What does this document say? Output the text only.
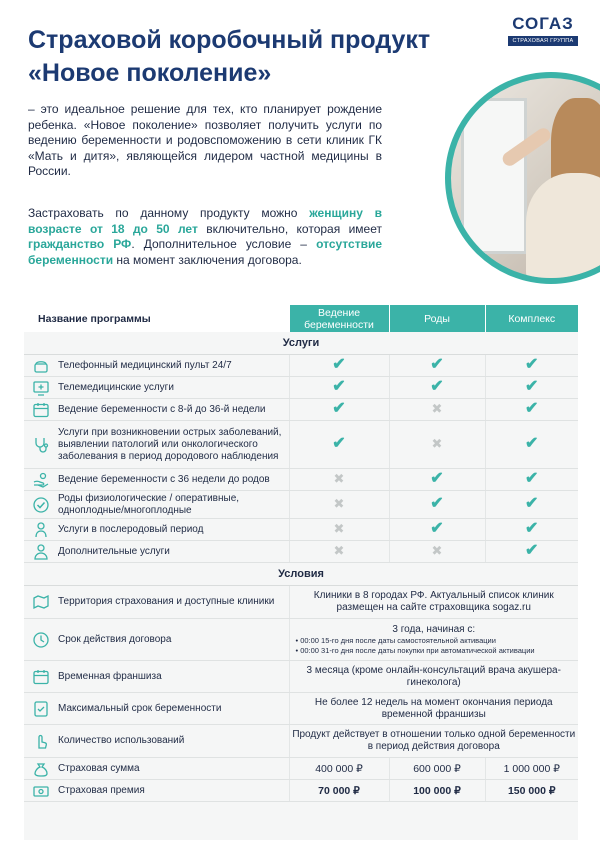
Страховой коробочный продукт
«Новое поколение»
СОГАЗ
СТРАХОВАЯ ГРУППА
– это идеальное решение для тех, кто планирует рождение ребенка. «Новое поколение» позволяет получить услуги по ведению беременности и родовспоможению в сети клиник ГК «Мать и дитя», являющейся лидером частной медицины в России.
Застраховать по данному продукту можно женщину в возрасте от 18 до 50 лет включительно, которая имеет гражданство РФ. Дополнительное условие – отсутствие беременности на момент заключения договора.
Название программы	Ведение беременности	Роды	Комплекс
Услуги			

Телефонный медицинский пульт 24/7	✔	✔	✔

Телемедицинские услуги	✔	✔	✔

Ведение беременности с 8-й до 36-й недели	✔	✖	✔

Услуги при возникновении острых заболеваний, выявлении патологий или онкологического заболевания в период дородового наблюдения	✔	✖	✔

Ведение беременности с 36 недели до родов	✖	✔	✔

Роды физиологические / оперативные, одноплодные/многоплодные	✖	✔	✔

Услуги в послеродовый период	✖	✔	✔

Дополнительные услуги	✖	✖	✔
Условия			

Территория страхования и доступные клиники	Клиники в 8 городах РФ. Актуальный список клиник размещен на сайте страховщика sogaz.ru		

Срок действия договора	3 года, начиная с:
• 00:00 15-го дня после даты самостоятельной активации
• 00:00 31-го дня после даты покупки при автоматической активации		

Временная франшиза	3 месяца (кроме онлайн-консультаций врача акушера-гинеколога)		

Максимальный срок беременности	Не более 12 недель на момент окончания периода временной франшизы		

Количество использований	Продукт действует в отношении только одной беременности в период действия договора		

Страховая сумма	400 000 ₽	600 000 ₽	1 000 000 ₽

Страховая премия	70 000 ₽	100 000 ₽	150 000 ₽
